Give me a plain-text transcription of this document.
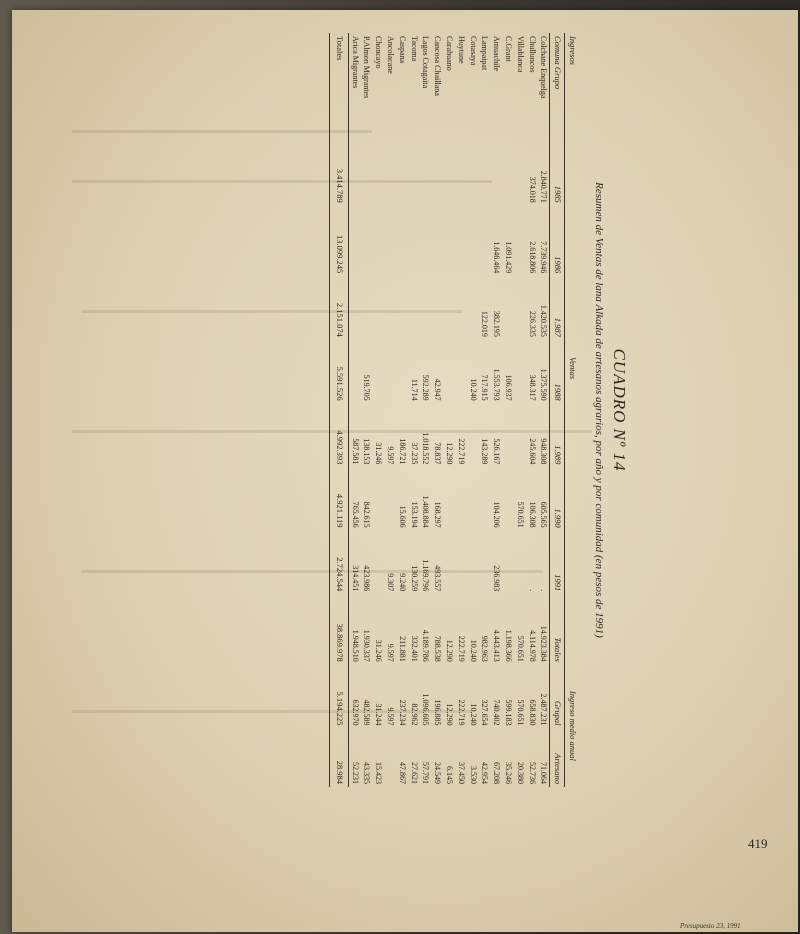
CUADRO Nº 14
Resumen de Ventas de lana Alkada de artesanos agrarios, por año y por comunidad (en pesos de 1991)
Ingresos	Ventas								Ingreso medio anual	
Comuna Grupo	1985	1986	1.987	1988	1.989	1.990	1991	Totales	Grupal	Artesano
Colchane Enquelga	2.840.771	7.739.946	1.420.535	1.375.590	948.308	605.565	.	14.923.384	2.487.231	71.064
Chulluncos	374.018	2.618.806	226.335	348.317	245.604	106.308	.	4.114.978	658.830	52.736
Villablanca						570.651		570.651	570.651	20.380
C.Grant		1.091.429		106.937				1.198.366	599.183	35.246
Amuachile		1.646.464	382.195	1.553.793	526.167	104.206	236.983	4.443.413	740.402	67.208
Lampaipat			122.019	717.915	143.289			982.963	327.654	42.954
Cotasaya				10.240				10.240	10.240	3.530
Huytune					222.719			222.719	222.719	37.450
Carahuano					12.290			12.290	12.290	6.145
Cancosa Chaillana				42.947	78.837	168.297	493.557	788.538	196.885	24.549
Lagos Cotagaita				592.289	1.018.552	1.408.884	1.169.796	4.189.786	1.096.605	57.791
Tacoma				11.714	37.235	153.194	130.259	332.401	82.962	27.621
Caspana					186.721	15.606	9.240	211.881	237.234	47.867
Ancolacane					9.597		9.307	9.597	9.597	
Choncayo					31.246			31.246	31.244	15.423
P.Almon Migrantes				519.705	138.153	842.615	423.986	1.930.337	482.589	43.335
Arica Migrantes					587.581	765.456	314.451	1.948.510	632.970	52.231
Totales	3.414.789	13.099.245	2.151.074	5.591.526	4.992.393	4.921.119	2.724.544	38.869.978	5.194.225	28.984
419
Presupuesto 23, 1991
